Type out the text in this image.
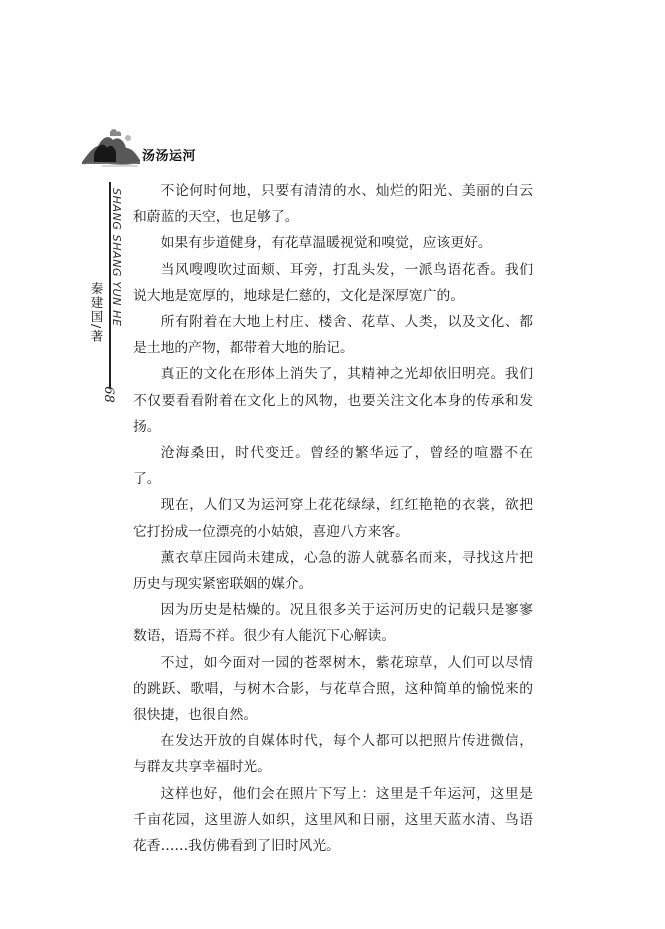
汤汤运河
SHANG SHANG YUN HE
秦建国/著
68

不论何时何地，只要有清清的水、灿烂的阳光、美丽的白云和蔚蓝的天空，也足够了。

如果有步道健身，有花草温暖视觉和嗅觉，应该更好。

当风嗖嗖吹过面颊、耳旁，打乱头发，一派鸟语花香。我们说大地是宽厚的，地球是仁慈的，文化是深厚宽广的。

所有附着在大地上村庄、楼舍、花草、人类，以及文化、都是土地的产物，都带着大地的胎记。

真正的文化在形体上消失了，其精神之光却依旧明亮。我们不仅要看看附着在文化上的风物，也要关注文化本身的传承和发扬。

沧海桑田，时代变迁。曾经的繁华远了，曾经的喧嚣不在了。

现在，人们又为运河穿上花花绿绿，红红艳艳的衣裳，欲把它打扮成一位漂亮的小姑娘，喜迎八方来客。

薰衣草庄园尚未建成，心急的游人就慕名而来，寻找这片把历史与现实紧密联姻的媒介。

因为历史是枯燥的。况且很多关于运河历史的记载只是寥寥数语，语焉不祥。很少有人能沉下心解读。

不过，如今面对一园的苍翠树木，紫花琼草，人们可以尽情的跳跃、歌唱，与树木合影，与花草合照，这种简单的愉悦来的很快捷，也很自然。

在发达开放的自媒体时代，每个人都可以把照片传进微信，与群友共享幸福时光。

这样也好，他们会在照片下写上：这里是千年运河，这里是千亩花园，这里游人如织，这里风和日丽，这里天蓝水清、鸟语花香……我仿佛看到了旧时风光。
